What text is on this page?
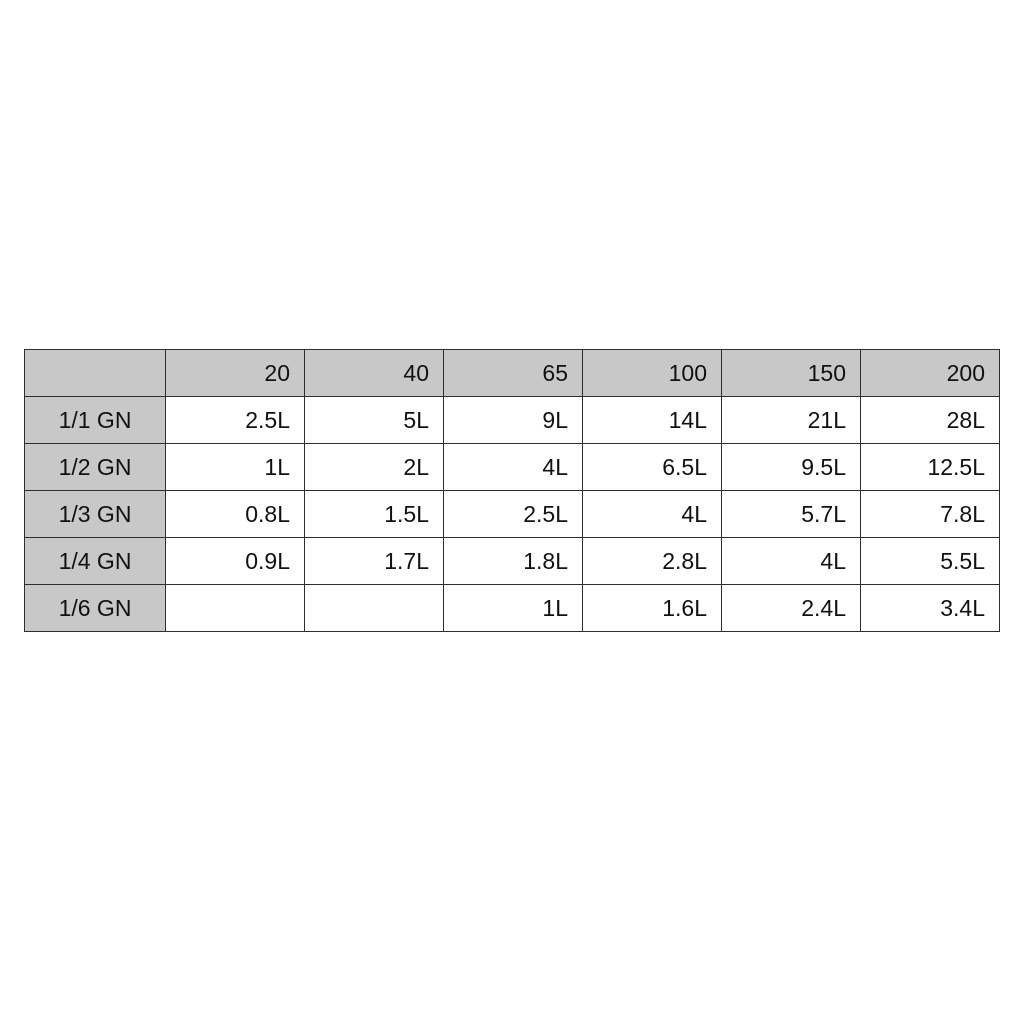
	20	40	65	100	150	200
1/1 GN	2.5L	5L	9L	14L	21L	28L
1/2 GN	1L	2L	4L	6.5L	9.5L	12.5L
1/3 GN	0.8L	1.5L	2.5L	4L	5.7L	7.8L
1/4 GN	0.9L	1.7L	1.8L	2.8L	4L	5.5L
1/6 GN			1L	1.6L	2.4L	3.4L
